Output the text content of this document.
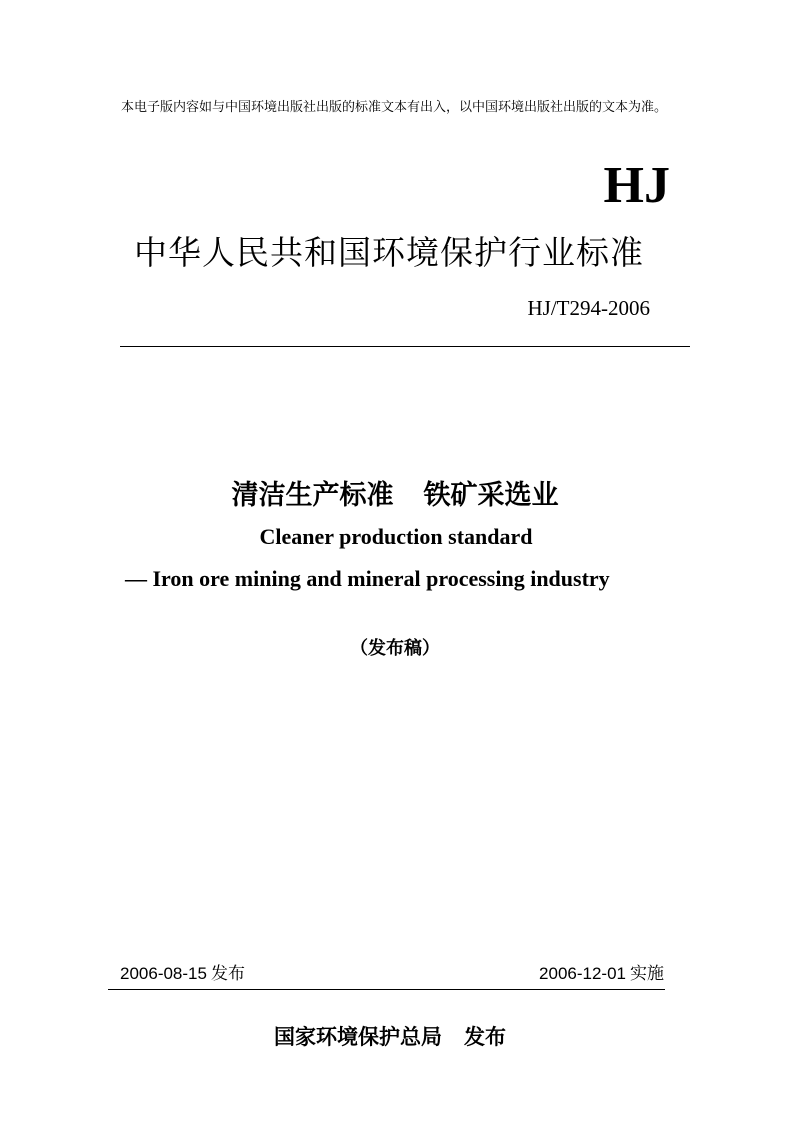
本电子版内容如与中国环境出版社出版的标准文本有出入，以中国环境出版社出版的文本为准。
HJ
中华人民共和国环境保护行业标准
HJ/T294-2006
清洁生产标准 铁矿采选业
Cleaner production standard
— Iron ore mining and mineral processing industry
（发布稿）
2006-08-15 发布	2006-12-01 实施
国家环境保护总局 发布
